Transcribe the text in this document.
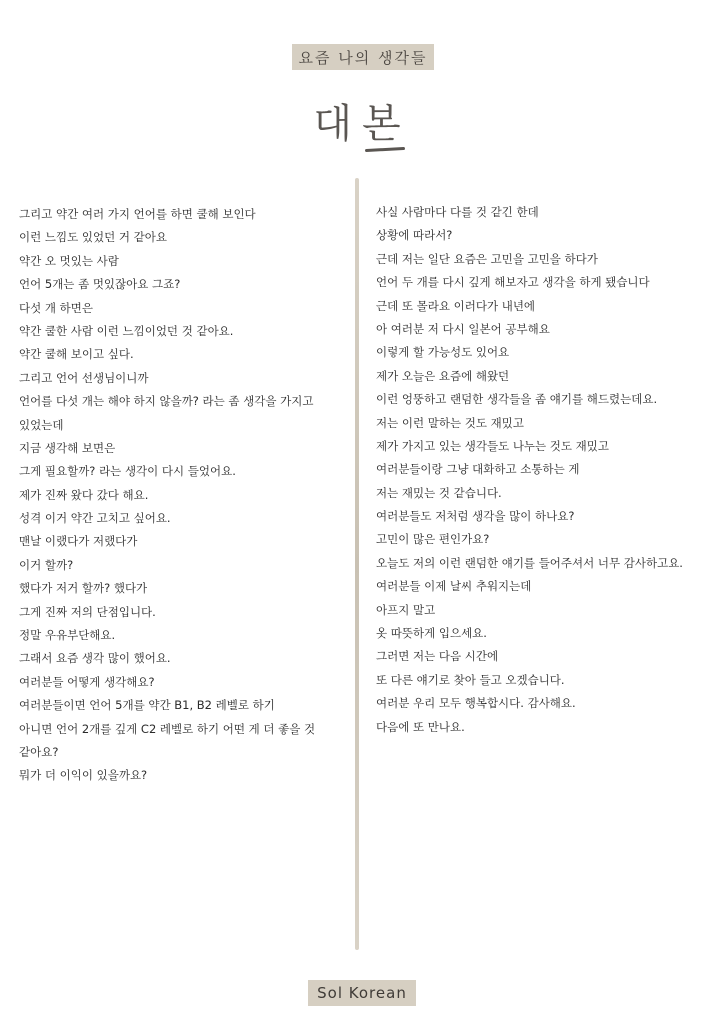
요즘 나의 생각들
대본
그리고 약간 여러 가지 언어를 하면 쿨해 보인다
이런 느낌도 있었던 거 같아요
약간 오 멋있는 사람
언어 5개는 좀 멋있잖아요 그죠?
다섯 개 하면은
약간 쿨한 사람 이런 느낌이었던 것 같아요.
약간 쿨해 보이고 싶다.
그리고 언어 선생님이니까
언어를 다섯 개는 해야 하지 않을까? 라는 좀 생각을 가지고
있었는데
지금 생각해 보면은
그게 필요할까? 라는 생각이 다시 들었어요.
제가 진짜 왔다 갔다 해요.
성격 이거 약간 고치고 싶어요.
맨날 이랬다가 저랬다가
이거 할까?
했다가 저거 할까? 했다가
그게 진짜 저의 단점입니다.
정말 우유부단해요.
그래서 요즘 생각 많이 했어요.
여러분들 어떻게 생각해요?
여러분들이면 언어 5개를 약간 B1, B2 레벨로 하기
아니면 언어 2개를 깊게 C2 레벨로 하기 어떤 게 더 좋을 것
같아요?
뭐가 더 이익이 있을까요?
사실 사람마다 다를 것 같긴 한데
상황에 따라서?
근데 저는 일단 요즘은 고민을 고민을 하다가
언어 두 개를 다시 깊게 해보자고 생각을 하게 됐습니다
근데 또 몰라요 이러다가 내년에
아 여러분 저 다시 일본어 공부해요
이렇게 할 가능성도 있어요
제가 오늘은 요즘에 해왔던
이런 엉뚱하고 랜덤한 생각들을 좀 얘기를 해드렸는데요.
저는 이런 말하는 것도 재밌고
제가 가지고 있는 생각들도 나누는 것도 재밌고
여러분들이랑 그냥 대화하고 소통하는 게
저는 재밌는 것 같습니다.
여러분들도 저처럼 생각을 많이 하나요?
고민이 많은 편인가요?
오늘도 저의 이런 랜덤한 얘기를 들어주셔서 너무 감사하고요.
여러분들 이제 날씨 추워지는데
아프지 말고
옷 따뜻하게 입으세요.
그러면 저는 다음 시간에
또 다른 얘기로 찾아 들고 오겠습니다.
여러분 우리 모두 행복합시다. 감사해요.
다음에 또 만나요.
Sol Korean
